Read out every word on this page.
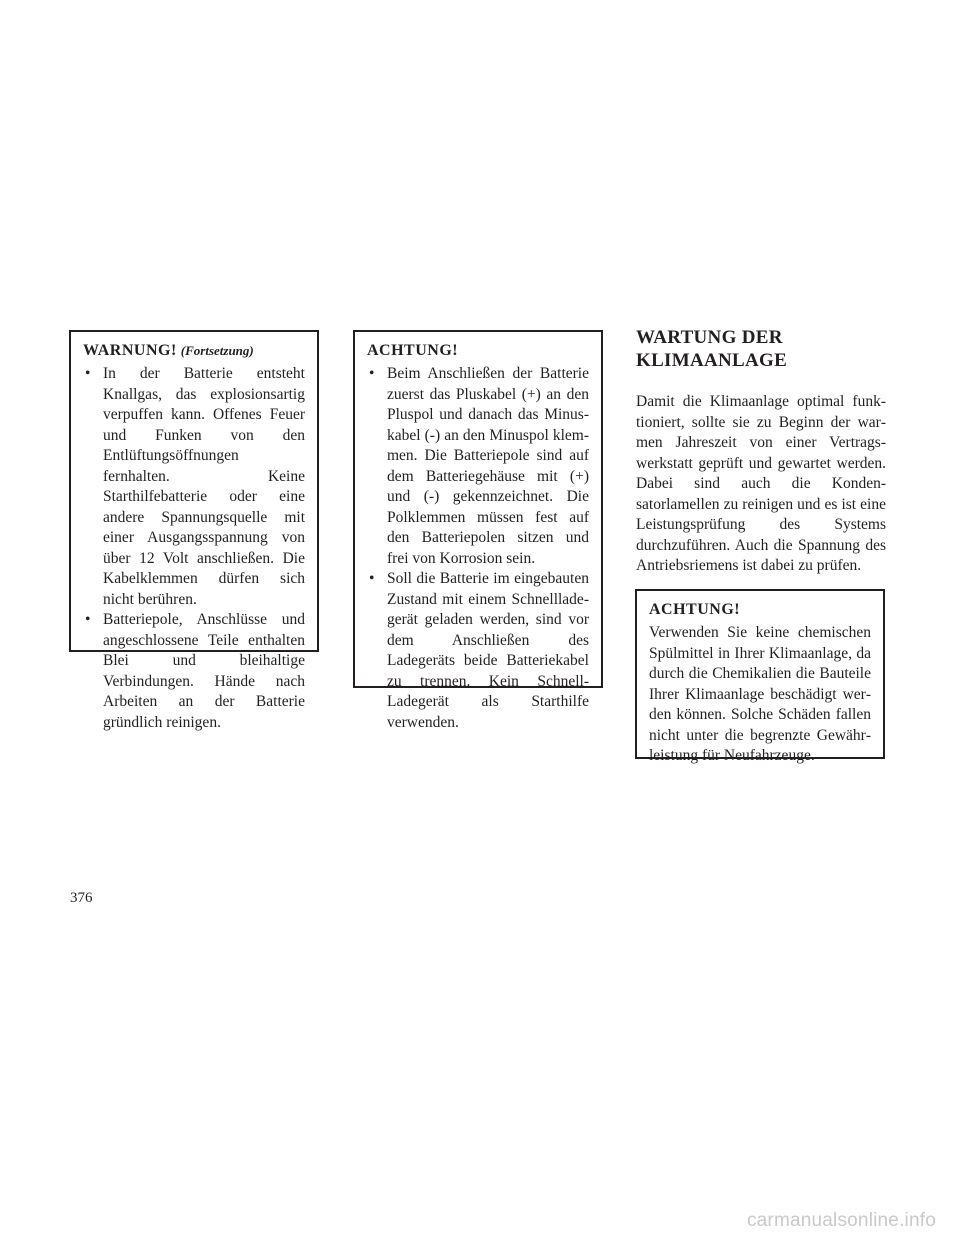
WARNUNG! (Fortsetzung)
• In der Batterie entsteht Knallgas, das explosionsartig verpuffen kann. Offenes Feuer und Funken von den Entlüftungsöffnungen fernhalten. Keine Starthilfebatterie oder eine andere Spannungsquelle mit einer Ausgangsspannung von über 12 Volt anschließen. Die Kabelklemmen dürfen sich nicht berühren.
• Batteriepole, Anschlüsse und angeschlossene Teile enthalten Blei und bleihaltige Verbindungen. Hände nach Arbeiten an der Batterie gründlich reinigen.
ACHTUNG!
• Beim Anschließen der Batterie zuerst das Pluskabel (+) an den Pluspol und danach das Minuskabel (-) an den Minuspol klemmen. Die Batteriepole sind auf dem Batteriegehäuse mit (+) und (-) gekennzeichnet. Die Polklemmen müssen fest auf den Batteriepolen sitzen und frei von Korrosion sein.
• Soll die Batterie im eingebauten Zustand mit einem Schnellladegerät geladen werden, sind vor dem Anschließen des Ladegeräts beide Batteriekabel zu trennen. Kein Schnell-Ladegerät als Starthilfe verwenden.
WARTUNG DER
KLIMAANLAGE
Damit die Klimaanlage optimal funktioniert, sollte sie zu Beginn der warmen Jahreszeit von einer Vertragswerkstatt geprüft und gewartet werden. Dabei sind auch die Kondensatorlamellen zu reinigen und es ist eine Leistungsprüfung des Systems durchzuführen. Auch die Spannung des Antriebsriemens ist dabei zu prüfen.
ACHTUNG!
Verwenden Sie keine chemischen Spülmittel in Ihrer Klimaanlage, da durch die Chemikalien die Bauteile Ihrer Klimaanlage beschädigt werden können. Solche Schäden fallen nicht unter die begrenzte Gewährleistung für Neufahrzeuge.
376
carmanualsonline.info
